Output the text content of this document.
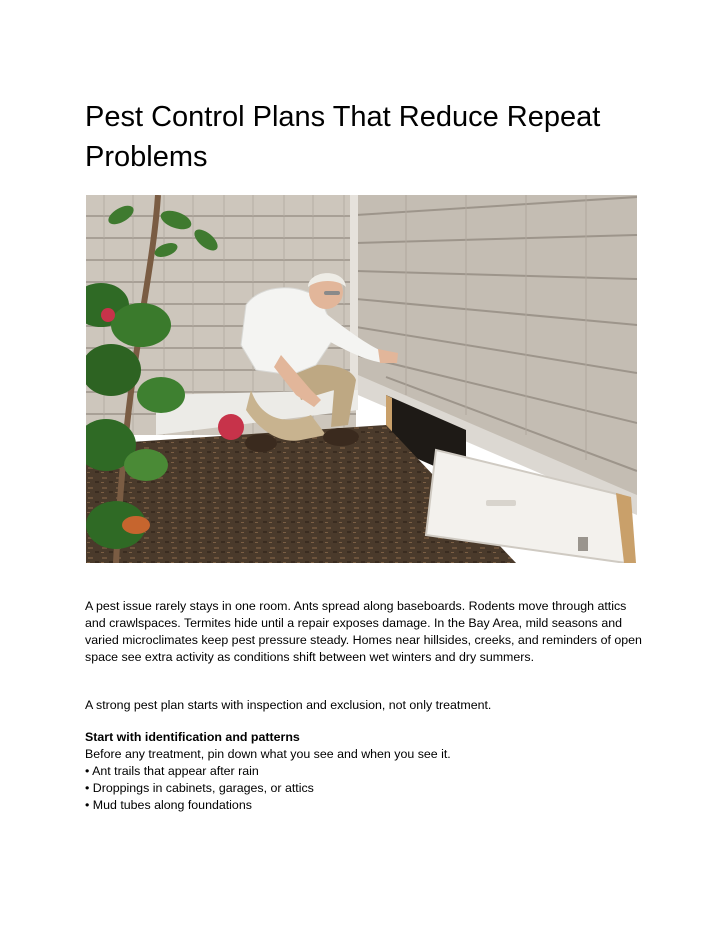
Pest Control Plans That Reduce Repeat Problems

A pest issue rarely stays in one room. Ants spread along baseboards. Rodents move through attics and crawlspaces. Termites hide until a repair exposes damage. In the Bay Area, mild seasons and varied microclimates keep pest pressure steady. Homes near hillsides, creeks, and reminders of open space see extra activity as conditions shift between wet winters and dry summers.

A strong pest plan starts with inspection and exclusion, not only treatment.

Start with identification and patterns
Before any treatment, pin down what you see and when you see it.
• Ant trails that appear after rain
• Droppings in cabinets, garages, or attics
• Mud tubes along foundations
